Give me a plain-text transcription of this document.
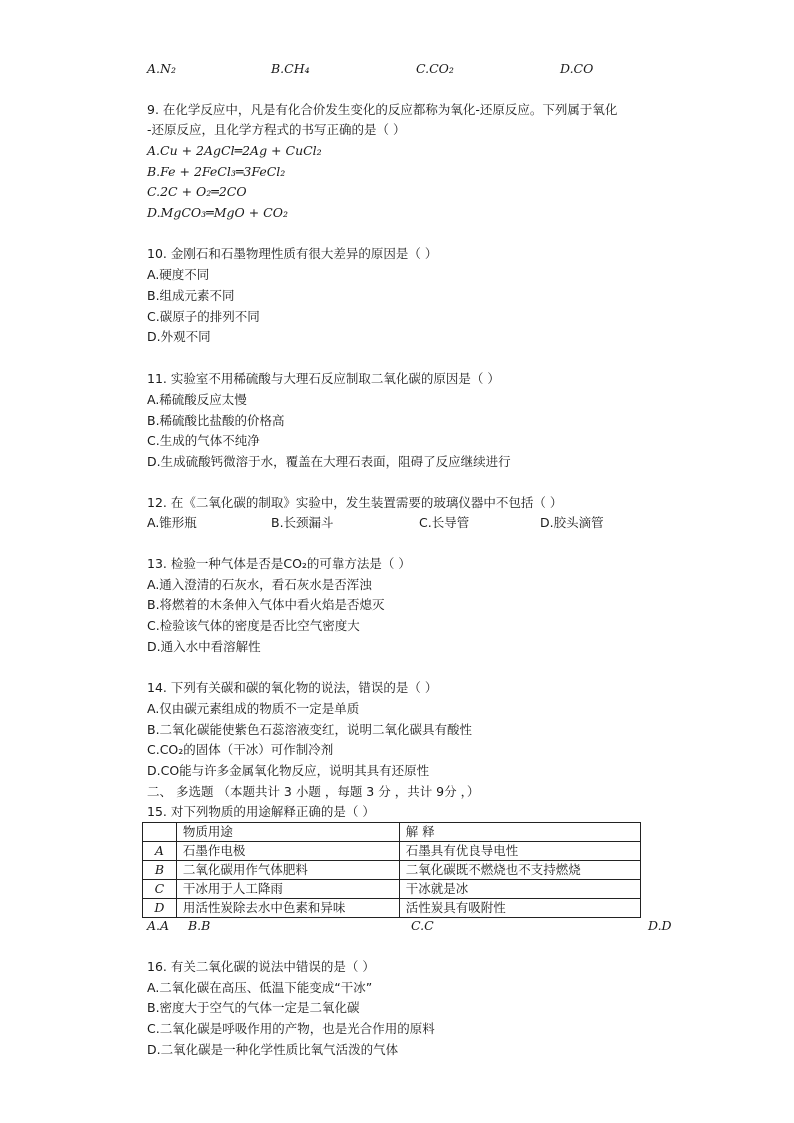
A.N₂	B.CH₄	C.CO₂	D.CO
9. 在化学反应中，凡是有化合价发生变化的反应都称为氧化-还原反应。下列属于氧化
-还原反应，且化学方程式的书写正确的是（ ）
A.Cu + 2AgCl═2Ag + CuCl₂
B.Fe + 2FeCl₃═3FeCl₂
C.2C + O₂═2CO
D.MgCO₃═MgO + CO₂
10. 金刚石和石墨物理性质有很大差异的原因是（ ）
A.硬度不同
B.组成元素不同
C.碳原子的排列不同
D.外观不同
11. 实验室不用稀硫酸与大理石反应制取二氧化碳的原因是（ ）
A.稀硫酸反应太慢
B.稀硫酸比盐酸的价格高
C.生成的气体不纯净
D.生成硫酸钙微溶于水，覆盖在大理石表面，阻碍了反应继续进行
12. 在《二氧化碳的制取》实验中，发生装置需要的玻璃仪器中不包括（ ）
A.锥形瓶	B.长颈漏斗	C.长导管	D.胶头滴管
13. 检验一种气体是否是CO₂的可靠方法是（ ）
A.通入澄清的石灰水，看石灰水是否浑浊
B.将燃着的木条伸入气体中看火焰是否熄灭
C.检验该气体的密度是否比空气密度大
D.通入水中看溶解性
14. 下列有关碳和碳的氧化物的说法，错误的是（ ）
A.仅由碳元素组成的物质不一定是单质
B.二氧化碳能使紫色石蕊溶液变红，说明二氧化碳具有酸性
C.CO₂的固体（干冰）可作制冷剂
D.CO能与许多金属氧化物反应，说明其具有还原性
二、 多选题 （本题共计 3 小题 ，每题 3 分 ，共计 9分 ，）
15. 对下列物质的用途解释正确的是（ ）
	物质用途	解 释
A	石墨作电极	石墨具有优良导电性
B	二氧化碳用作气体肥料	二氧化碳既不燃烧也不支持燃烧
C	干冰用于人工降雨	干冰就是冰
D	用活性炭除去水中色素和异味	活性炭具有吸附性
A.A B.B	C.C	D.D
16. 有关二氧化碳的说法中错误的是（ ）
A.二氧化碳在高压、低温下能变成“干冰”
B.密度大于空气的气体一定是二氧化碳
C.二氧化碳是呼吸作用的产物，也是光合作用的原料
D.二氧化碳是一种化学性质比氧气活泼的气体
